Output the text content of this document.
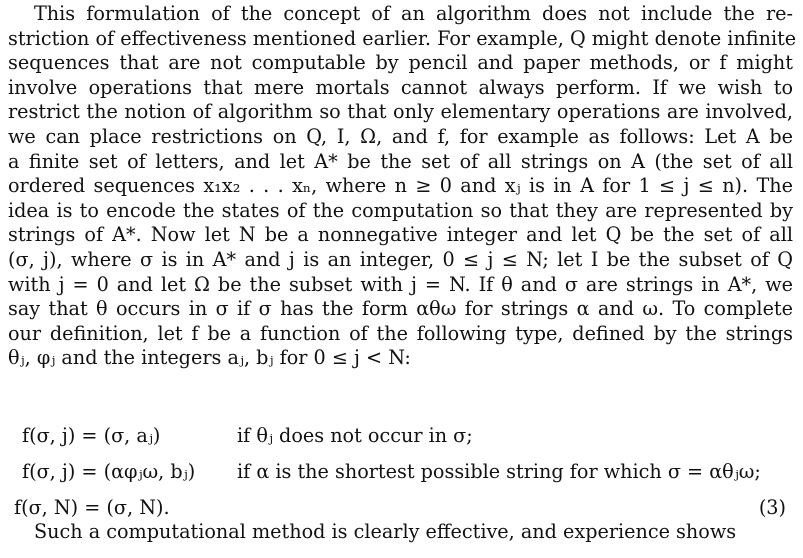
This formulation of the concept of an algorithm does not include the re-
striction of effectiveness mentioned earlier. For example, Q might denote infinite
sequences that are not computable by pencil and paper methods, or f might
involve operations that mere mortals cannot always perform. If we wish to
restrict the notion of algorithm so that only elementary operations are involved,
we can place restrictions on Q, I, Ω, and f, for example as follows: Let A be
a finite set of letters, and let A* be the set of all strings on A (the set of all
ordered sequences x₁x₂ . . . xₙ, where n ≥ 0 and xⱼ is in A for 1 ≤ j ≤ n). The
idea is to encode the states of the computation so that they are represented by
strings of A*. Now let N be a nonnegative integer and let Q be the set of all
(σ, j), where σ is in A* and j is an integer, 0 ≤ j ≤ N; let I be the subset of Q
with j = 0 and let Ω be the subset with j = N. If θ and σ are strings in A*, we
say that θ occurs in σ if σ has the form αθω for strings α and ω. To complete
our definition, let f be a function of the following type, defined by the strings
θⱼ, φⱼ and the integers aⱼ, bⱼ for 0 ≤ j < N:
f(σ, j) = (σ, aⱼ)	if θⱼ does not occur in σ;
f(σ, j) = (αφⱼω, bⱼ) if α is the shortest possible string for which σ = αθⱼω;
f(σ, N) = (σ, N).	(3)
Such a computational method is clearly effective, and experience shows
